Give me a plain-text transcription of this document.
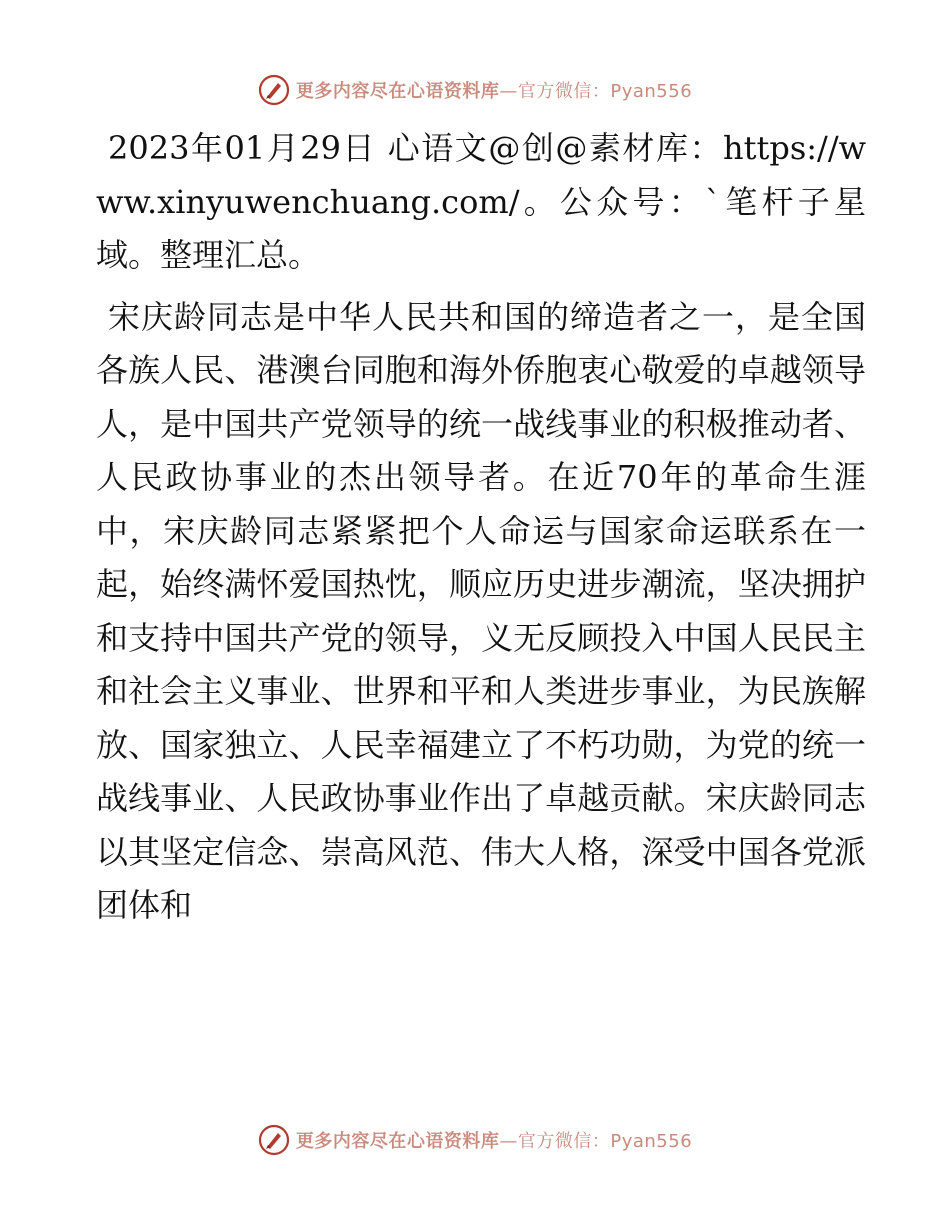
更多内容尽在心语资料库—官方微信：Pyan556

2023年01月29日 心语文@创@素材库：https://www.xinyuwenchuang.com/。公众号：`笔杆子星域。整理汇总。

宋庆龄同志是中华人民共和国的缔造者之一，是全国各族人民、港澳台同胞和海外侨胞衷心敬爱的卓越领导人，是中国共产党领导的统一战线事业的积极推动者、人民政协事业的杰出领导者。在近70年的革命生涯中，宋庆龄同志紧紧把个人命运与国家命运联系在一起，始终满怀爱国热忱，顺应历史进步潮流，坚决拥护和支持中国共产党的领导，义无反顾投入中国人民民主和社会主义事业、世界和平和人类进步事业，为民族解放、国家独立、人民幸福建立了不朽功勋，为党的统一战线事业、人民政协事业作出了卓越贡献。宋庆龄同志以其坚定信念、崇高风范、伟大人格，深受中国各党派团体和

更多内容尽在心语资料库—官方微信：Pyan556
